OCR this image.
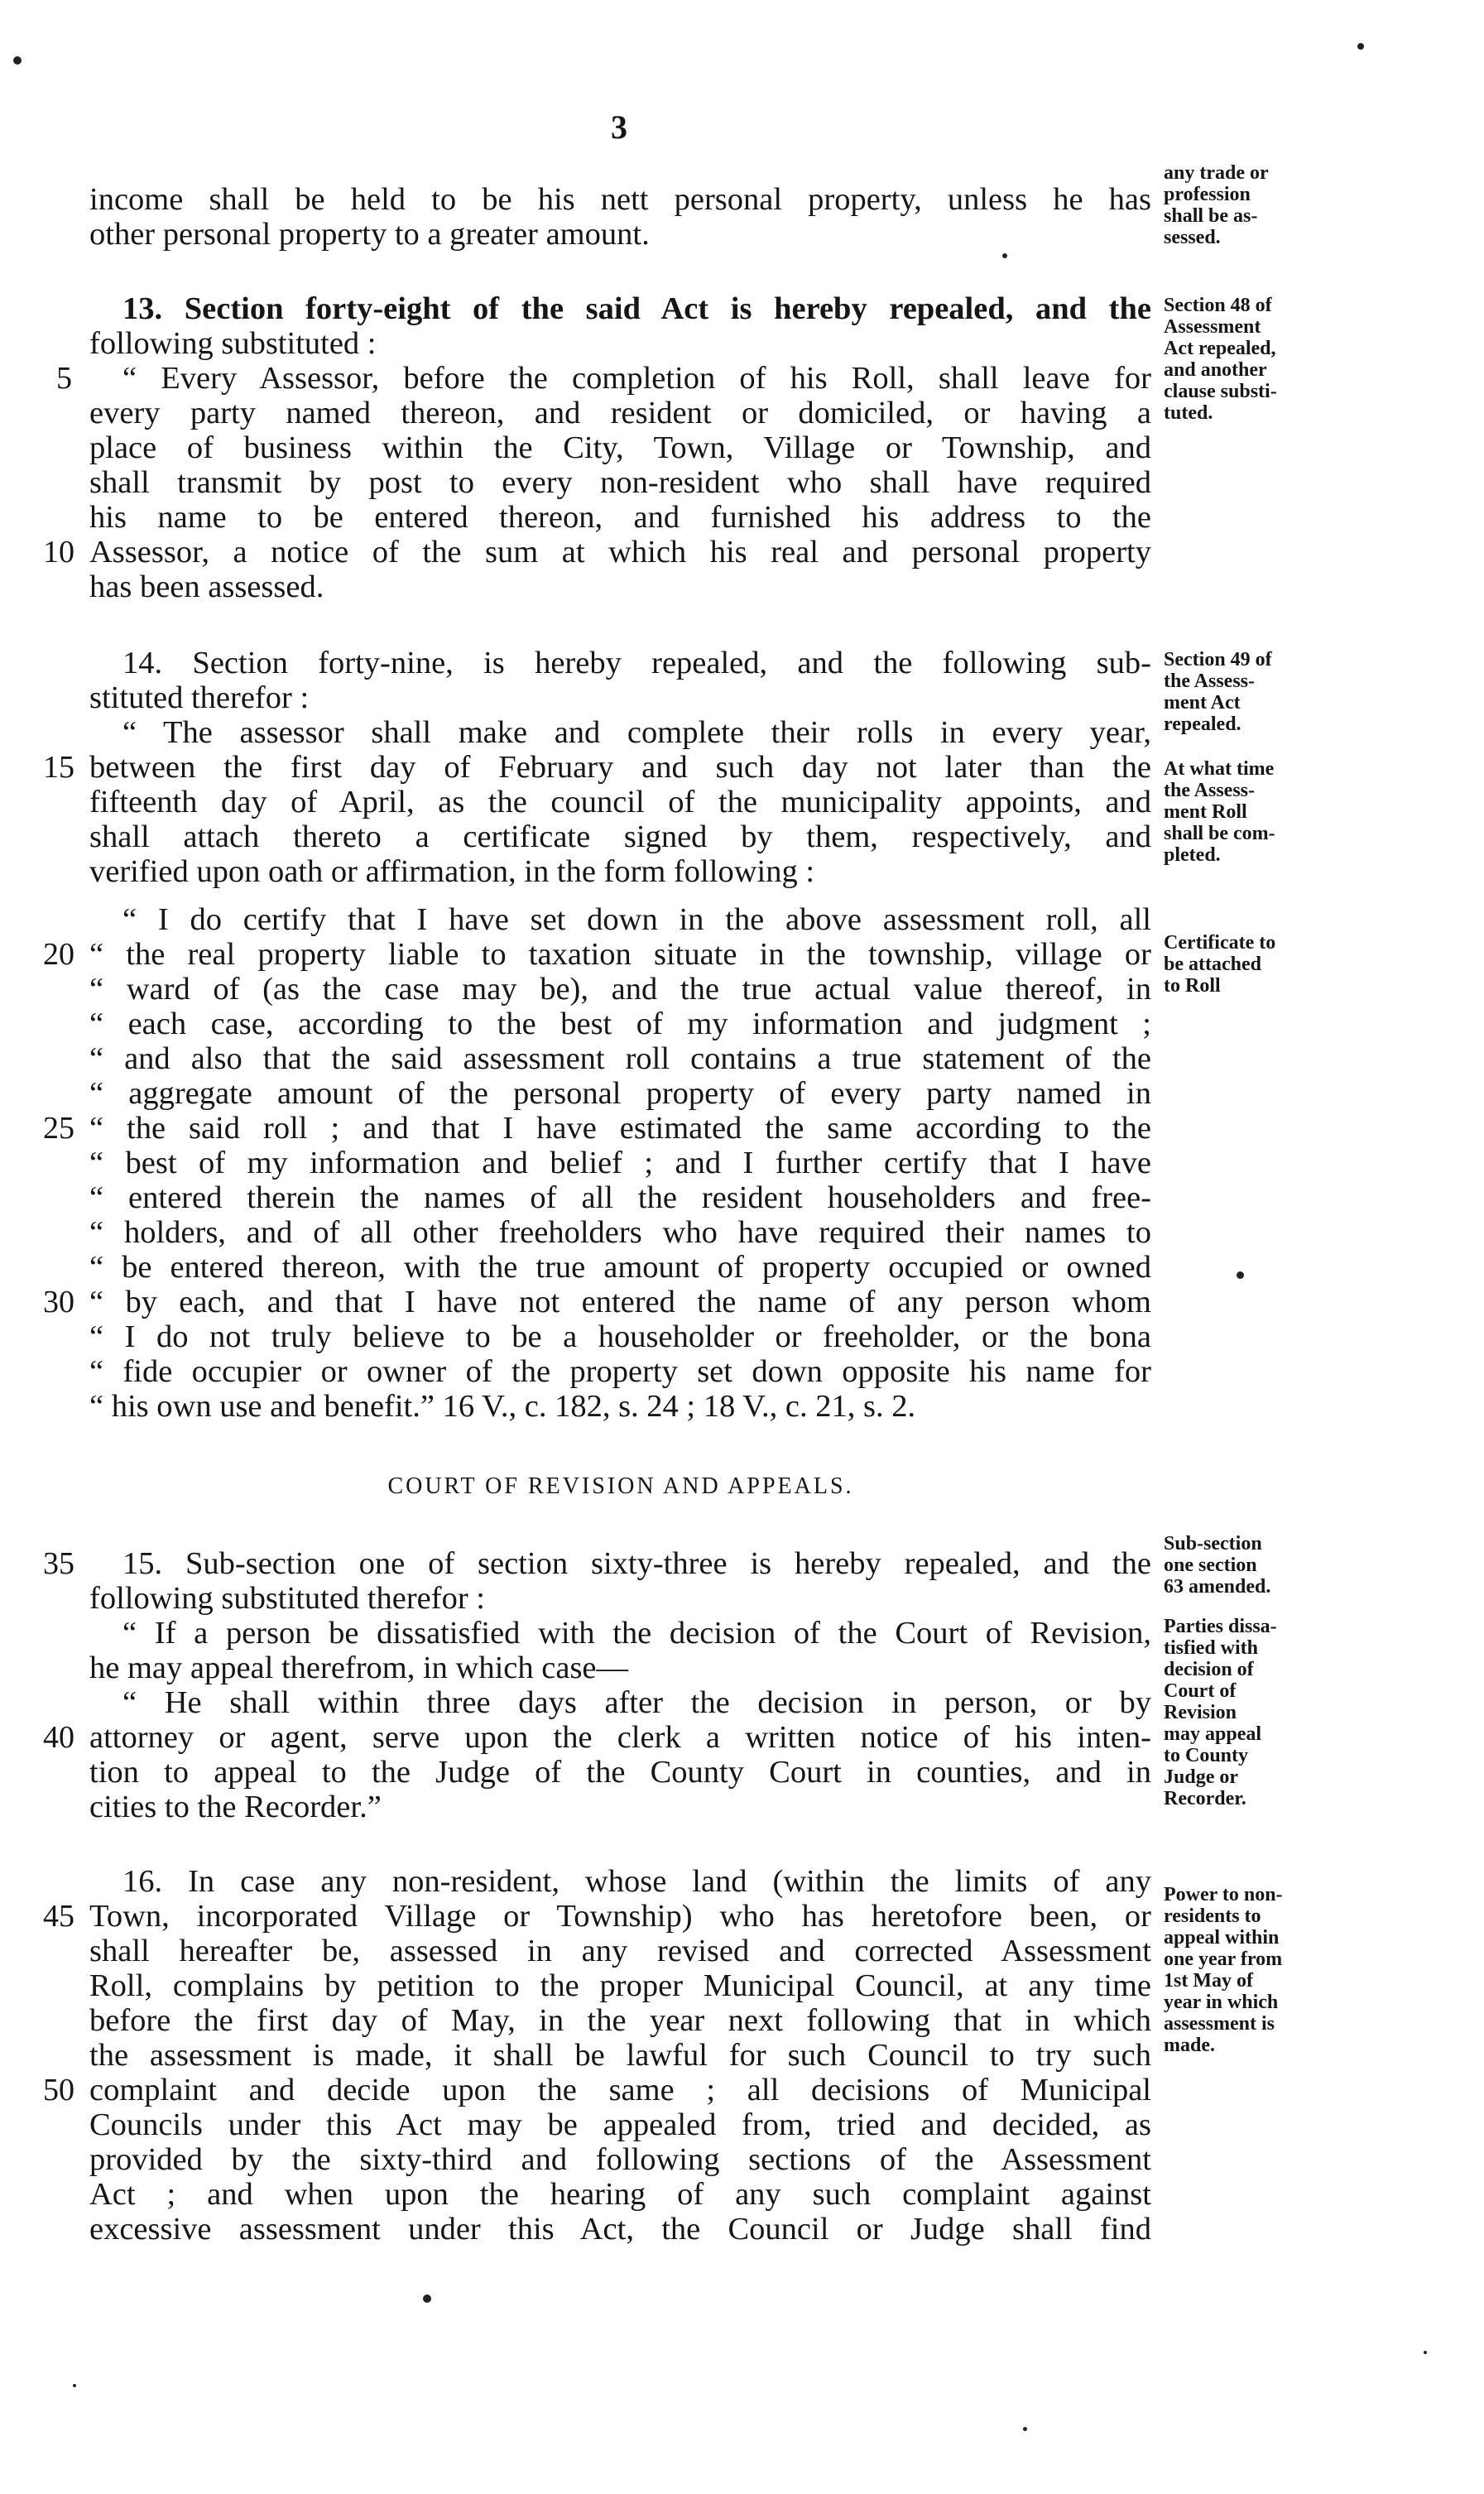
3
income shall be held to be his nett personal property, unless he has
other personal property to a greater amount.
13. Section forty-eight of the said Act is hereby repealed, and the
following substituted :
“ Every Assessor, before the completion of his Roll, shall leave for
every party named thereon, and resident or domiciled, or having a
place of business within the City, Town, Village or Township, and
shall transmit by post to every non-resident who shall have required
his name to be entered thereon, and furnished his address to the
Assessor, a notice of the sum at which his real and personal property
has been assessed.
14. Section forty-nine, is hereby repealed, and the following sub-
stituted therefor :
“ The assessor shall make and complete their rolls in every year,
between the first day of February and such day not later than the
fifteenth day of April, as the council of the municipality appoints, and
shall attach thereto a certificate signed by them, respectively, and
verified upon oath or affirmation, in the form following :
“ I do certify that I have set down in the above assessment roll, all
“ the real property liable to taxation situate in the township, village or
“ ward of (as the case may be), and the true actual value thereof, in
“ each case, according to the best of my information and judgment ;
“ and also that the said assessment roll contains a true statement of the
“ aggregate amount of the personal property of every party named in
“ the said roll ; and that I have estimated the same according to the
“ best of my information and belief ; and I further certify that I have
“ entered therein the names of all the resident householders and free-
“ holders, and of all other freeholders who have required their names to
“ be entered thereon, with the true amount of property occupied or owned
“ by each, and that I have not entered the name of any person whom
“ I do not truly believe to be a householder or freeholder, or the bona
“ fide occupier or owner of the property set down opposite his name for
“ his own use and benefit.” 16 V., c. 182, s. 24 ; 18 V., c. 21, s. 2.
COURT OF REVISION AND APPEALS.
15. Sub-section one of section sixty-three is hereby repealed, and the
following substituted therefor :
“ If a person be dissatisfied with the decision of the Court of Revision,
he may appeal therefrom, in which case—
“ He shall within three days after the decision in person, or by
attorney or agent, serve upon the clerk a written notice of his inten-
tion to appeal to the Judge of the County Court in counties, and in
cities to the Recorder.”
16. In case any non-resident, whose land (within the limits of any
Town, incorporated Village or Township) who has heretofore been, or
shall hereafter be, assessed in any revised and corrected Assessment
Roll, complains by petition to the proper Municipal Council, at any time
before the first day of May, in the year next following that in which
the assessment is made, it shall be lawful for such Council to try such
complaint and decide upon the same ; all decisions of Municipal
Councils under this Act may be appealed from, tried and decided, as
provided by the sixty-third and following sections of the Assessment
Act ; and when upon the hearing of any such complaint against
excessive assessment under this Act, the Council or Judge shall find
5
10
15
20
25
30
35
40
45
50
any trade or
profession
shall be as-
sessed.
Section 48 of
Assessment
Act repealed,
and another
clause substi-
tuted.
Section 49 of
the Assess-
ment Act
repealed.
At what time
the Assess-
ment Roll
shall be com-
pleted.
Certificate to
be attached
to Roll
Sub-section
one section
63 amended.
Parties dissa-
tisfied with
decision of
Court of
Revision
may appeal
to County
Judge or
Recorder.
Power to non-
residents to
appeal within
one year from
1st May of
year in which
assessment is
made.
